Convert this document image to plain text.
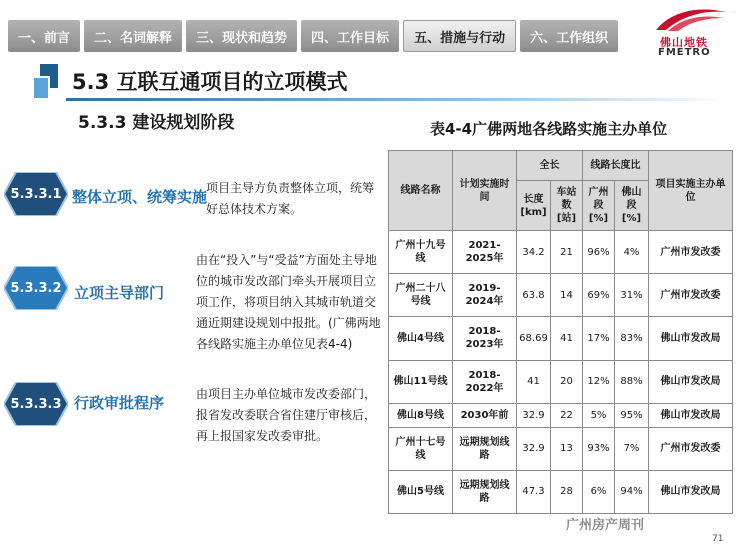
一、前言	二、名词解释	三、现状和趋势	四、工作目标	五、措施与行动	六、工作组织	佛山地铁
FMETRO
5.3 互联互通项目的立项模式
5.3.3 建设规划阶段
5.3.3.1 整体立项、统筹实施
项目主导方负责整体立项，统筹好总体技术方案。
5.3.3.2 立项主导部门
由在“投入”与“受益”方面处主导地位的城市发改部门牵头开展项目立项工作，将项目纳入其城市轨道交通近期建设规划中报批。(广佛两地各线路实施主办单位见表4-4)
5.3.3.3 行政审批程序	由项目主办单位城市发改委部门，报省发改委联合省住建厅审核后，再上报国家发改委审批。
表4-4广佛两地各线路实施主办单位
线路名称	计划实施时间	全长		线路长度比		项目实施主办单位
		长度[km]	车站数[站]	广州段[%]	佛山段[%]	
广州十九号线	2021-2025年	34.2	21	96%	4%	广州市发改委
广州二十八号线	2019-2024年	63.8	14	69%	31%	广州市发改委
佛山4号线	2018-2023年	68.69	41	17%	83%	佛山市发改局
佛山11号线	2018-2022年	41	20	12%	88%	佛山市发改局
佛山8号线	2030年前	32.9	22	5%	95%	佛山市发改局
广州十七号线	远期规划线路	32.9	13	93%	7%	广州市发改委
佛山5号线	远期规划线路	47.3	28	6%	94%	佛山市发改局
广州房产周刊
71
